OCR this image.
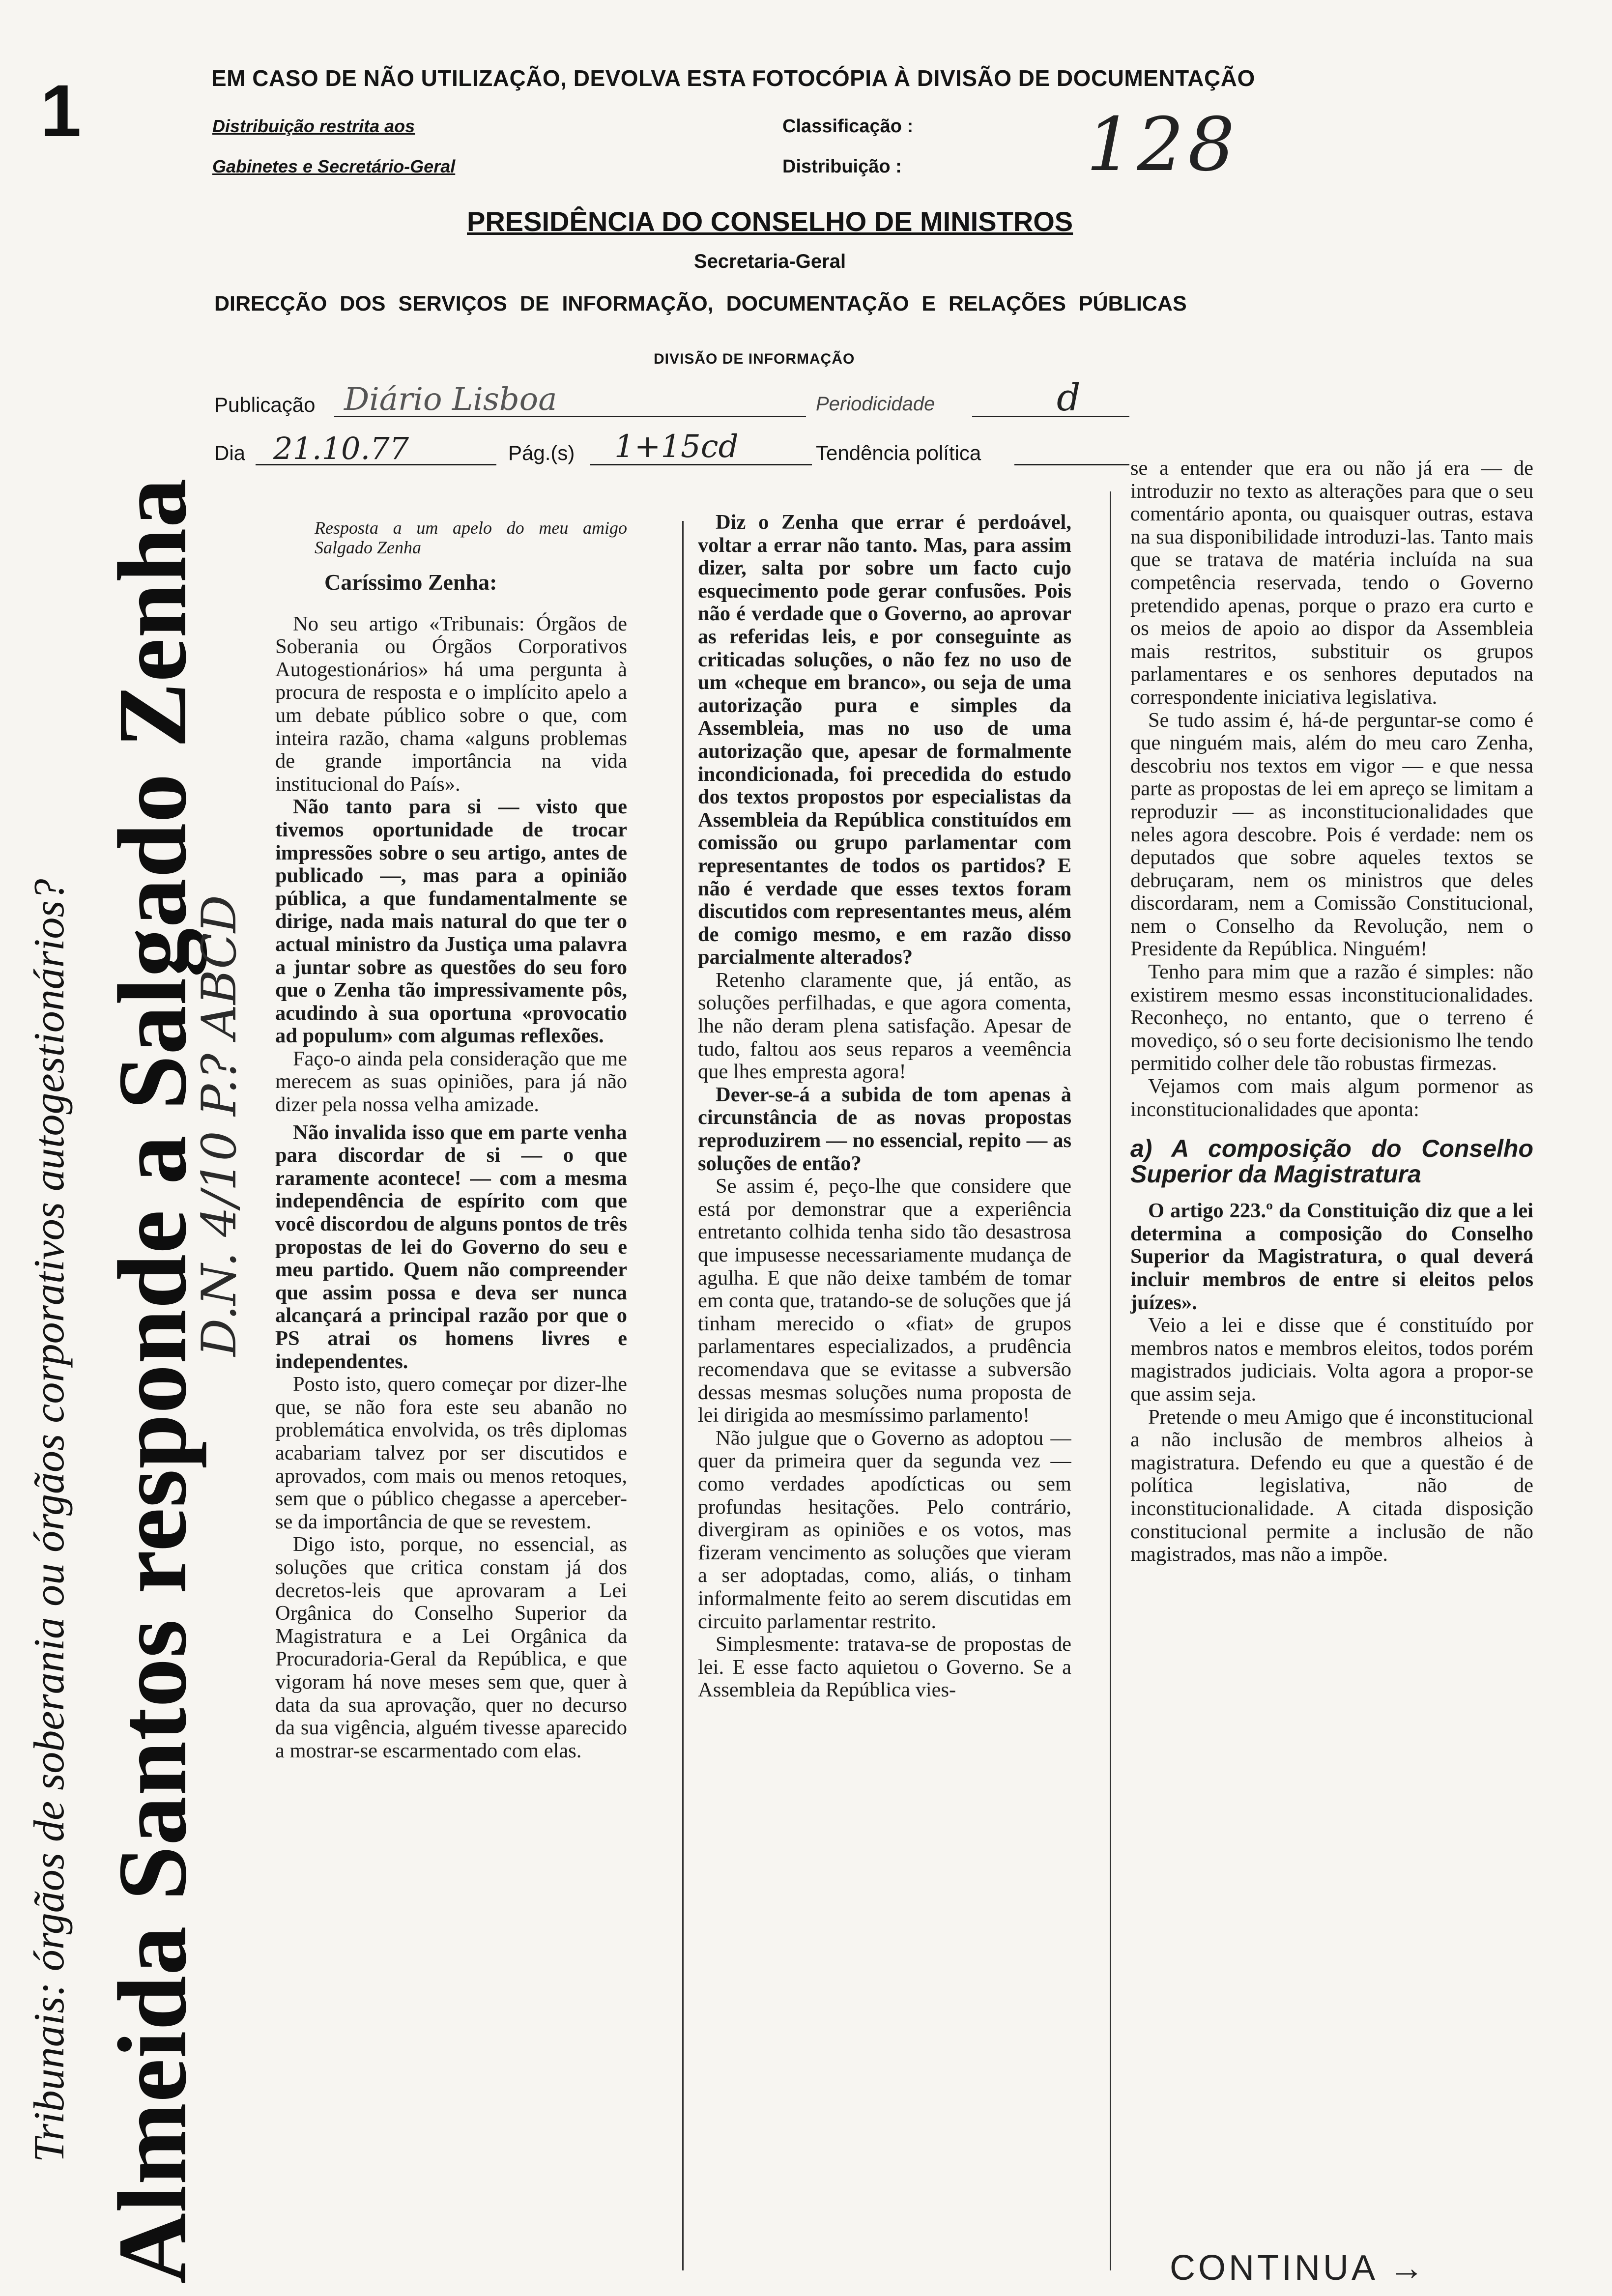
1
Tribunais: órgãos de soberania ou órgãos corporativos autogestionários? Almeida Santos responde a Salgado Zenha
D.N. 4/10 P.? ABCD
EM CASO DE NÃO UTILIZAÇÃO, DEVOLVA ESTA FOTOCÓPIA À DIVISÃO DE DOCUMENTAÇÃO
Distribuição restrita aos
Gabinetes e Secretário-Geral
Classificação :
Distribuição :	128
PRESIDÊNCIA DO CONSELHO DE MINISTROS
Secretaria-Geral
DIRECÇÃO DOS SERVIÇOS DE INFORMAÇÃO, DOCUMENTAÇÃO E RELAÇÕES PÚBLICAS
DIVISÃO DE INFORMAÇÃO
Publicação Diário Lisboa	Periodicidade	d
Dia 21.10.77	Pág.(s) 1+15cd	Tendência política
Resposta a um apelo do meu amigo Salgado Zenha
Caríssimo Zenha:

No seu artigo «Tribunais: Órgãos de Soberania ou Órgãos Corporativos Autogestionários» há uma pergunta à procura de resposta e o implícito apelo a um debate público sobre o que, com inteira razão, chama «alguns problemas de grande importância na vida institucional do País».

Não tanto para si — visto que tivemos oportunidade de trocar impressões sobre o seu artigo, antes de publicado —, mas para a opinião pública, a que fundamentalmente se dirige, nada mais natural do que ter o actual ministro da Justiça uma palavra a juntar sobre as questões do seu foro que o Zenha tão impressivamente pôs, acudindo à sua oportuna «provocatio ad populum» com algumas reflexões.

Faço-o ainda pela consideração que me merecem as suas opiniões, para já não dizer pela nossa velha amizade.

Não invalida isso que em parte venha para discordar de si — o que raramente acontece! — com a mesma independência de espírito com que você discordou de alguns pontos de três propostas de lei do Governo do seu e meu partido. Quem não compreender que assim possa e deva ser nunca alcançará a principal razão por que o PS atrai os homens livres e independentes.

Posto isto, quero começar por dizer-lhe que, se não fora este seu abanão no problemática envolvida, os três diplomas acabariam talvez por ser discutidos e aprovados, com mais ou menos retoques, sem que o público chegasse a aperceber-se da importância de que se revestem.

Digo isto, porque, no essencial, as soluções que critica constam já dos decretos-leis que aprovaram a Lei Orgânica do Conselho Superior da Magistratura e a Lei Orgânica da Procuradoria-Geral da República, e que vigoram há nove meses sem que, quer à data da sua aprovação, quer no decurso da sua vigência, alguém tivesse aparecido a mostrar-se escarmentado com elas.

Diz o Zenha que errar é perdoável, voltar a errar não tanto. Mas, para assim dizer, salta por sobre um facto cujo esquecimento pode gerar confusões. Pois não é verdade que o Governo, ao aprovar as referidas leis, e por conseguinte as criticadas soluções, o não fez no uso de um «cheque em branco», ou seja de uma autorização pura e simples da Assembleia, mas no uso de uma autorização que, apesar de formalmente incondicionada, foi precedida do estudo dos textos propostos por especialistas da Assembleia da República constituídos em comissão ou grupo parlamentar com representantes de todos os partidos? E não é verdade que esses textos foram discutidos com representantes meus, além de comigo mesmo, e em razão disso parcialmente alterados?

Retenho claramente que, já então, as soluções perfilhadas, e que agora comenta, lhe não deram plena satisfação. Apesar de tudo, faltou aos seus reparos a veemência que lhes empresta agora!

Dever-se-á a subida de tom apenas à circunstância de as novas propostas reproduzirem — no essencial, repito — as soluções de então?

Se assim é, peço-lhe que considere que está por demonstrar que a experiência entretanto colhida tenha sido tão desastrosa que impusesse necessariamente mudança de agulha. E que não deixe também de tomar em conta que, tratando-se de soluções que já tinham merecido o «fiat» de grupos parlamentares especializados, a prudência recomendava que se evitasse a subversão dessas mesmas soluções numa proposta de lei dirigida ao mesmíssimo parlamento!

Não julgue que o Governo as adoptou — quer da primeira quer da segunda vez — como verdades apodícticas ou sem profundas hesitações. Pelo contrário, divergiram as opiniões e os votos, mas fizeram vencimento as soluções que vieram a ser adoptadas, como, aliás, o tinham informalmente feito ao serem discutidas em circuito parlamentar restrito.

Simplesmente: tratava-se de propostas de lei. E esse facto aquietou o Governo. Se a Assembleia da República vies-

se a entender que era ou não já era — de introduzir no texto as alterações para que o seu comentário aponta, ou quaisquer outras, estava na sua disponibilidade introduzi-las. Tanto mais que se tratava de matéria incluída na sua competência reservada, tendo o Governo pretendido apenas, porque o prazo era curto e os meios de apoio ao dispor da Assembleia mais restritos, substituir os grupos parlamentares e os senhores deputados na correspondente iniciativa legislativa.

Se tudo assim é, há-de perguntar-se como é que ninguém mais, além do meu caro Zenha, descobriu nos textos em vigor — e que nessa parte as propostas de lei em apreço se limitam a reproduzir — as inconstitucionalidades que neles agora descobre. Pois é verdade: nem os deputados que sobre aqueles textos se debruçaram, nem os ministros que deles discordaram, nem a Comissão Constitucional, nem o Conselho da Revolução, nem o Presidente da República. Ninguém!

Tenho para mim que a razão é simples: não existirem mesmo essas inconstitucionalidades. Reconheço, no entanto, que o terreno é movediço, só o seu forte decisionismo lhe tendo permitido colher dele tão robustas firmezas.

Vejamos com mais algum pormenor as inconstitucionalidades que aponta:

a) A composição do Conselho Superior da Magistratura

O artigo 223.º da Constituição diz que a lei determina a composição do Conselho Superior da Magistratura, o qual deverá incluir membros de entre si eleitos pelos juízes».

Veio a lei e disse que é constituído por membros natos e membros eleitos, todos porém magistrados judiciais. Volta agora a propor-se que assim seja.

Pretende o meu Amigo que é inconstitucional a não inclusão de membros alheios à magistratura. Defendo eu que a questão é de política legislativa, não de inconstitucionalidade. A citada disposição constitucional permite a inclusão de não magistrados, mas não a impõe.

CONTINUA →
